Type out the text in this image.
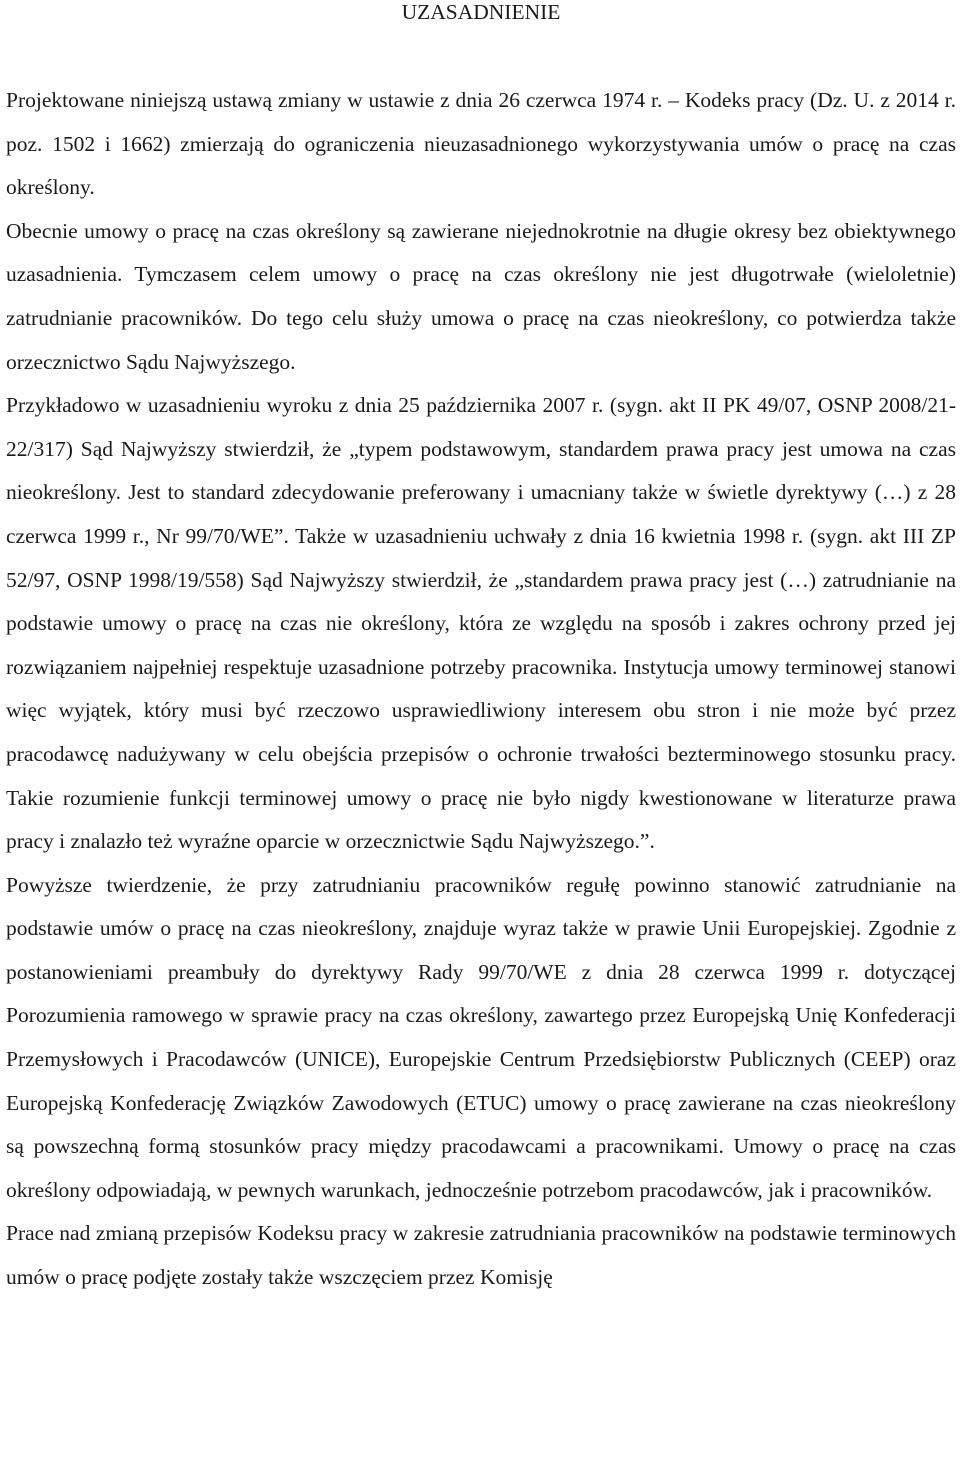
UZASADNIENIE

Projektowane niniejszą ustawą zmiany w ustawie z dnia 26 czerwca 1974 r. – Kodeks pracy (Dz. U. z 2014 r. poz. 1502 i 1662) zmierzają do ograniczenia nieuzasadnionego wykorzystywania umów o pracę na czas określony.

Obecnie umowy o pracę na czas określony są zawierane niejednokrotnie na długie okresy bez obiektywnego uzasadnienia. Tymczasem celem umowy o pracę na czas określony nie jest długotrwałe (wieloletnie) zatrudnianie pracowników. Do tego celu służy umowa o pracę na czas nieokreślony, co potwierdza także orzecznictwo Sądu Najwyższego.

Przykładowo w uzasadnieniu wyroku z dnia 25 października 2007 r. (sygn. akt II PK 49/07, OSNP 2008/21-22/317) Sąd Najwyższy stwierdził, że „typem podstawowym, standardem prawa pracy jest umowa na czas nieokreślony. Jest to standard zdecydowanie preferowany i umacniany także w świetle dyrektywy (…) z 28 czerwca 1999 r., Nr 99/70/WE”. Także w uzasadnieniu uchwały z dnia 16 kwietnia 1998 r. (sygn. akt III ZP 52/97, OSNP 1998/19/558) Sąd Najwyższy stwierdził, że „standardem prawa pracy jest (…) zatrudnianie na podstawie umowy o pracę na czas nie określony, która ze względu na sposób i zakres ochrony przed jej rozwiązaniem najpełniej respektuje uzasadnione potrzeby pracownika. Instytucja umowy terminowej stanowi więc wyjątek, który musi być rzeczowo usprawiedliwiony interesem obu stron i nie może być przez pracodawcę nadużywany w celu obejścia przepisów o ochronie trwałości bezterminowego stosunku pracy. Takie rozumienie funkcji terminowej umowy o pracę nie było nigdy kwestionowane w literaturze prawa pracy i znalazło też wyraźne oparcie w orzecznictwie Sądu Najwyższego.”.

Powyższe twierdzenie, że przy zatrudnianiu pracowników regułę powinno stanowić zatrudnianie na podstawie umów o pracę na czas nieokreślony, znajduje wyraz także w prawie Unii Europejskiej. Zgodnie z postanowieniami preambuły do dyrektywy Rady 99/70/WE z dnia 28 czerwca 1999 r. dotyczącej Porozumienia ramowego w sprawie pracy na czas określony, zawartego przez Europejską Unię Konfederacji Przemysłowych i Pracodawców (UNICE), Europejskie Centrum Przedsiębiorstw Publicznych (CEEP) oraz Europejską Konfederację Związków Zawodowych (ETUC) umowy o pracę zawierane na czas nieokreślony są powszechną formą stosunków pracy między pracodawcami a pracownikami. Umowy o pracę na czas określony odpowiadają, w pewnych warunkach, jednocześnie potrzebom pracodawców, jak i pracowników.

Prace nad zmianą przepisów Kodeksu pracy w zakresie zatrudniania pracowników na podstawie terminowych umów o pracę podjęte zostały także wszczęciem przez Komisję
